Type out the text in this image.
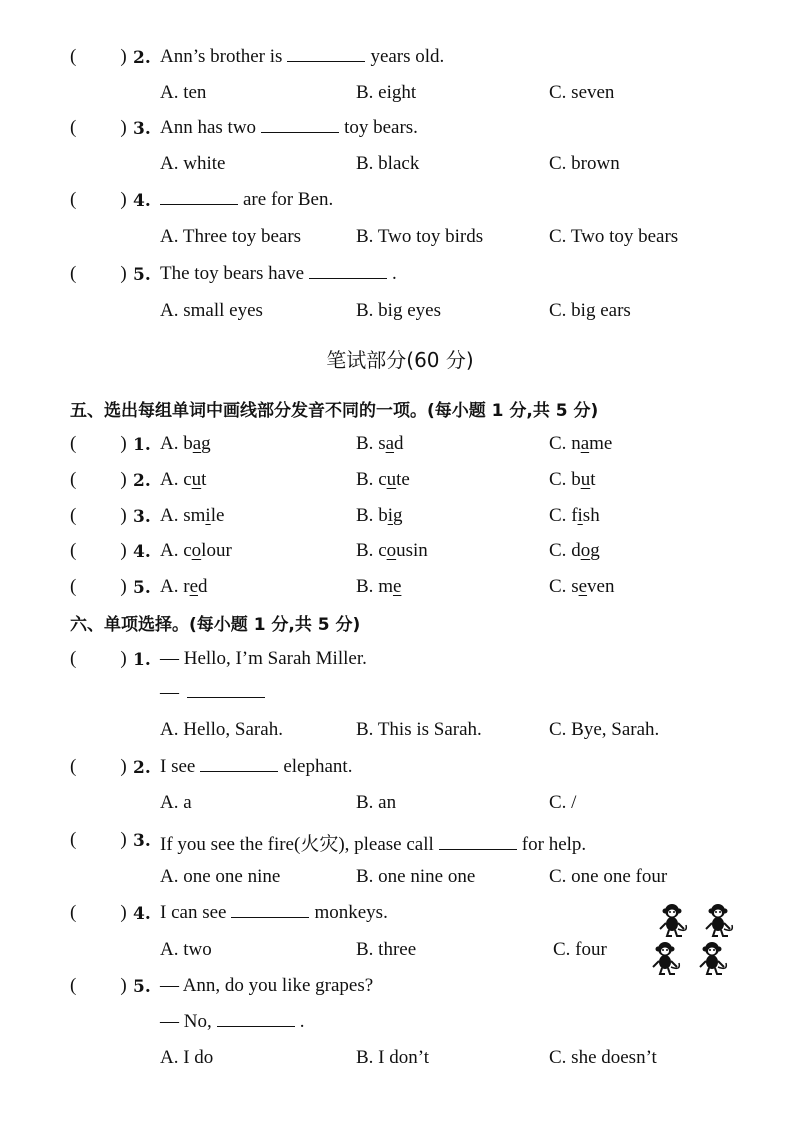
( ) 2. Ann’s brother is	years old.
A. ten	B. eight	C. seven
( ) 3. Ann has two	toy bears.
A. white	B. black	C. brown
( ) 4.	are for Ben.
A. Three toy bears	B. Two toy birds	C. Two toy bears
( ) 5. The toy bears have	.
A. small eyes	B. big eyes	C. big ears
笔试部分(60 分)
五、选出每组单词中画线部分发音不同的一项。(每小题 1 分,共 5 分)
( ) 1. A. bag	B. sad	C. name
( ) 2. A. cut	B. cute	C. but
( ) 3. A. smile	B. big	C. fish
( ) 4. A. colour	B. cousin	C. dog
( ) 5. A. red	B. me	C. seven
六、单项选择。(每小题 1 分,共 5 分)
( ) 1. — Hello, I’m Sarah Miller.
—
A. Hello, Sarah.	B. This is Sarah.	C. Bye, Sarah.
( ) 2. I see	elephant.
A. a	B. an	C. /
( ) 3. If you see the fire(火灾), please call	for help.
A. one one nine	B. one nine one	C. one one four
( ) 4. I can see	monkeys.
A. two	B. three	C. four
( ) 5. — Ann, do you like grapes?
— No,	.
A. I do	B. I don’t	C. she doesn’t
